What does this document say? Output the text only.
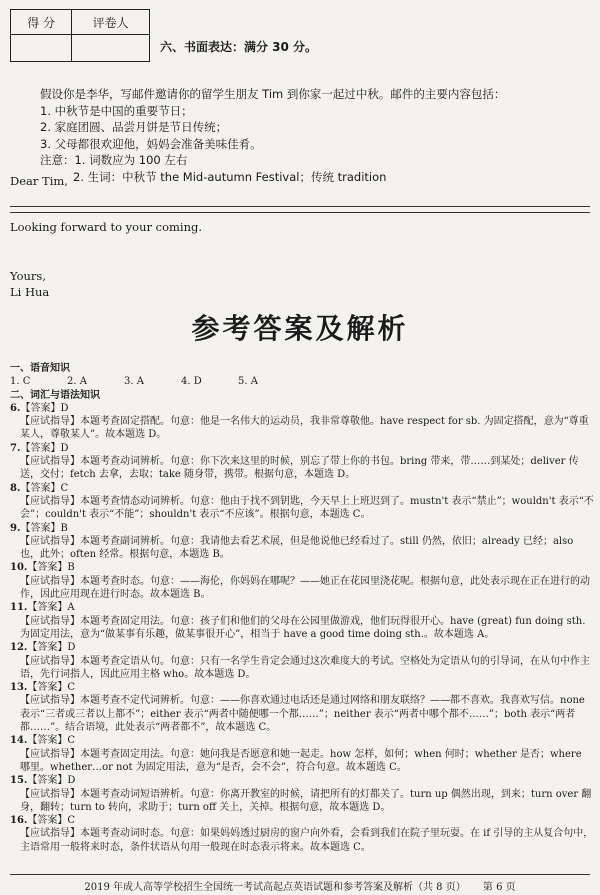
得 分	评卷人

六、书面表达：满分 30 分。
假设你是李华，写邮件邀请你的留学生朋友 Tim 到你家一起过中秋。邮件的主要内容包括：
1. 中秋节是中国的重要节日；
2. 家庭团圆、品尝月饼是节日传统；
3. 父母都很欢迎他，妈妈会准备美味佳肴。
注意：1. 词数应为 100 左右
2. 生词：中秋节 the Mid-autumn Festival；传统 tradition
Dear Tim,
Looking forward to your coming.
Yours,
Li Hua
参考答案及解析
一、语音知识
1. C	2. A	3. A	4. D	5. A
二、词汇与语法知识
6.【答案】D
【应试指导】本题考查固定搭配。句意：他是一名伟大的运动员，我非常尊敬他。have respect for sb. 为固定搭配，意为“尊重某人，尊敬某人”。故本题选 D。
7.【答案】D
【应试指导】本题考查动词辨析。句意：你下次来这里的时候，别忘了带上你的书包。bring 带来，带……到某处；deliver 传送，交付；fetch 去拿，去取；take 随身带，携带。根据句意，本题选 D。
8.【答案】C
【应试指导】本题考查情态动词辨析。句意：他由于找不到钥匙，今天早上上班迟到了。mustn't 表示“禁止”；wouldn't 表示“不会”；couldn't 表示“不能”；shouldn't 表示“不应该”。根据句意，本题选 C。
9.【答案】B
【应试指导】本题考查副词辨析。句意：我请他去看艺术展，但是他说他已经看过了。still 仍然，依旧；already 已经；also 也，此外；often 经常。根据句意，本题选 B。
10.【答案】B
【应试指导】本题考查时态。句意：——海伦，你妈妈在哪呢？——她正在花园里浇花呢。根据句意，此处表示现在正在进行的动作，因此应用现在进行时态。故本题选 B。
11.【答案】A
【应试指导】本题考查固定用法。句意：孩子们和他们的父母在公园里做游戏，他们玩得很开心。have (great) fun doing sth. 为固定用法，意为“做某事有乐趣，做某事很开心”，相当于 have a good time doing sth.。故本题选 A。
12.【答案】D
【应试指导】本题考查定语从句。句意：只有一名学生肯定会通过这次难度大的考试。空格处为定语从句的引导词，在从句中作主语，先行词指人，因此应用主格 who。故本题选 D。
13.【答案】C
【应试指导】本题考查不定代词辨析。句意：——你喜欢通过电话还是通过网络和朋友联络？——都不喜欢。我喜欢写信。none 表示“三者或三者以上都不”；either 表示“两者中随便哪一个都……”；neither 表示“两者中哪个都不……”；both 表示“两者都……”。结合语境，此处表示“两者都不”，故本题选 C。
14.【答案】C
【应试指导】本题考查固定用法。句意：她问我是否愿意和她一起走。how 怎样，如何；when 何时；whether 是否；where 哪里。whether…or not 为固定用法，意为“是否，会不会”，符合句意。故本题选 C。
15.【答案】D
【应试指导】本题考查动词短语辨析。句意：你离开教室的时候，请把所有的灯都关了。turn up 偶然出现，到来；turn over 翻身，翻转；turn to 转向，求助于；turn off 关上，关掉。根据句意，故本题选 D。
16.【答案】C
【应试指导】本题考查动词时态。句意：如果妈妈透过厨房的窗户向外看，会看到我们在院子里玩耍。在 if 引导的主从复合句中，主语常用一般将来时态，条件状语从句用一般现在时态表示将来。故本题选 C。
2019 年成人高等学校招生全国统一考试高起点英语试题和参考答案及解析（共 8 页） 第 6 页
